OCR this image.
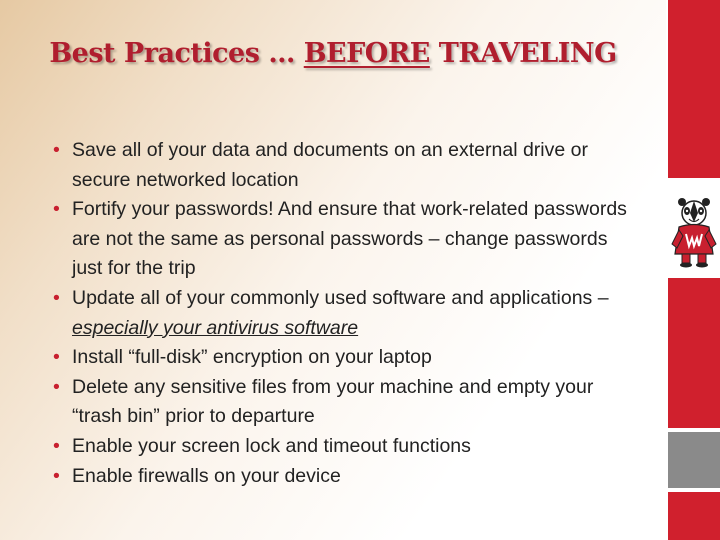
Best Practices … BEFORE TRAVELING
• Save all of your data and documents on an external drive or secure networked location
• Fortify your passwords! And ensure that work-related passwords are not the same as personal passwords – change passwords just for the trip
• Update all of your commonly used software and applications – especially your antivirus software
• Install “full-disk” encryption on your laptop
• Delete any sensitive files from your machine and empty your “trash bin” prior to departure
• Enable your screen lock and timeout functions
• Enable firewalls on your device
